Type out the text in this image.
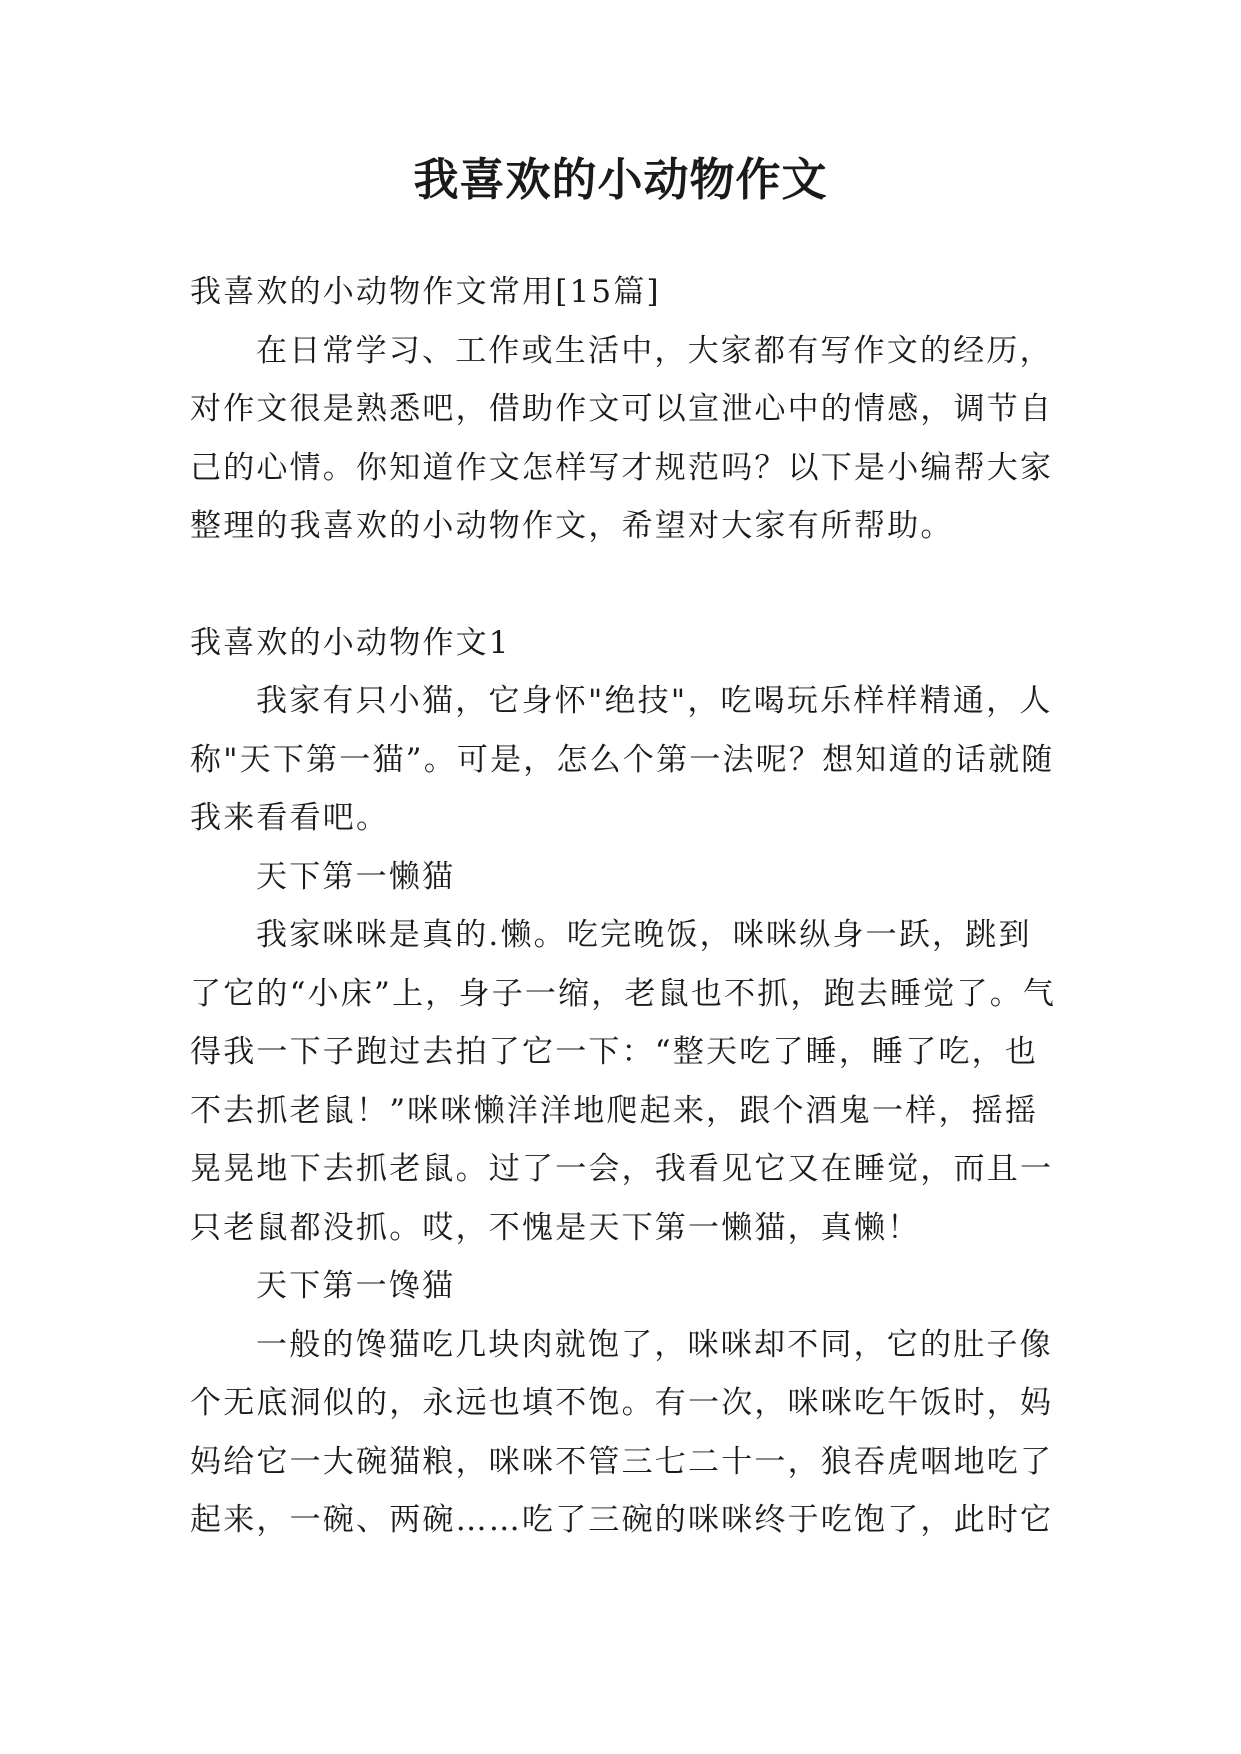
我喜欢的小动物作文

我喜欢的小动物作文常用[15篇]

在日常学习、工作或生活中，大家都有写作文的经历，对作文很是熟悉吧，借助作文可以宣泄心中的情感，调节自己的心情。你知道作文怎样写才规范吗？以下是小编帮大家整理的我喜欢的小动物作文，希望对大家有所帮助。

我喜欢的小动物作文1

我家有只小猫，它身怀"绝技"，吃喝玩乐样样精通，人称"天下第一猫”。可是，怎么个第一法呢？想知道的话就随我来看看吧。

天下第一懒猫

我家咪咪是真的.懒。吃完晚饭，咪咪纵身一跃，跳到了它的“小床”上，身子一缩，老鼠也不抓，跑去睡觉了。气得我一下子跑过去拍了它一下：“整天吃了睡，睡了吃，也不去抓老鼠！”咪咪懒洋洋地爬起来，跟个酒鬼一样，摇摇晃晃地下去抓老鼠。过了一会，我看见它又在睡觉，而且一只老鼠都没抓。哎，不愧是天下第一懒猫，真懒！

天下第一馋猫

一般的馋猫吃几块肉就饱了，咪咪却不同，它的肚子像个无底洞似的，永远也填不饱。有一次，咪咪吃午饭时，妈妈给它一大碗猫粮，咪咪不管三七二十一，狼吞虎咽地吃了起来，一碗、两碗……吃了三碗的咪咪终于吃饱了，此时它
